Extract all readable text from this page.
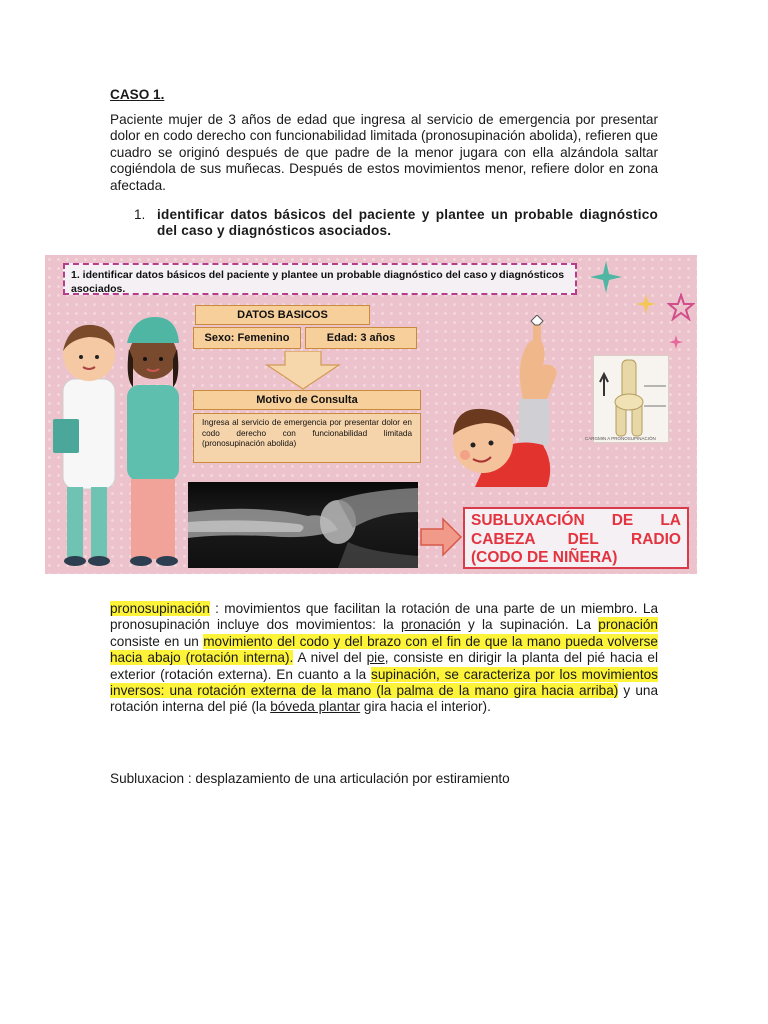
CASO 1.
Paciente mujer de 3 años de edad que ingresa al servicio de emergencia por presentar dolor en codo derecho con funcionabilidad limitada (pronosupinación abolida), refieren que cuadro se originó después de que padre de la menor jugara con ella alzándola saltar cogiéndola de sus muñecas. Después de estos movimientos menor, refiere dolor en zona afectada.
1. identificar datos básicos del paciente y plantee un probable diagnóstico del caso y diagnósticos asociados.
1. identificar datos básicos del paciente y plantee un probable diagnóstico del caso y diagnósticos asociados.
DATOS BASICOS
Sexo: Femenino	Edad: 3 años
Motivo de Consulta
Ingresa al servicio de emergencia por presentar dolor en codo derecho con funcionabilidad limitada (pronosupinación abolida)
SUBLUXACIÓN DE LA
CABEZA DEL RADIO
(CODO DE NIÑERA)
CARGMIN A PRONOSUPINACIÓN
pronosupinación : movimientos que facilitan la rotación de una parte de un miembro. La pronosupinación incluye dos movimientos: la pronación y la supinación. La pronación consiste en un movimiento del codo y del brazo con el fin de que la mano pueda volverse hacia abajo (rotación interna). A nivel del pie, consiste en dirigir la planta del pié hacia el exterior (rotación externa). En cuanto a la supinación, se caracteriza por los movimientos inversos: una rotación externa de la mano (la palma de la mano gira hacia arriba) y una rotación interna del pié (la bóveda plantar gira hacia el interior).
Subluxacion : desplazamiento de una articulación por estiramiento
